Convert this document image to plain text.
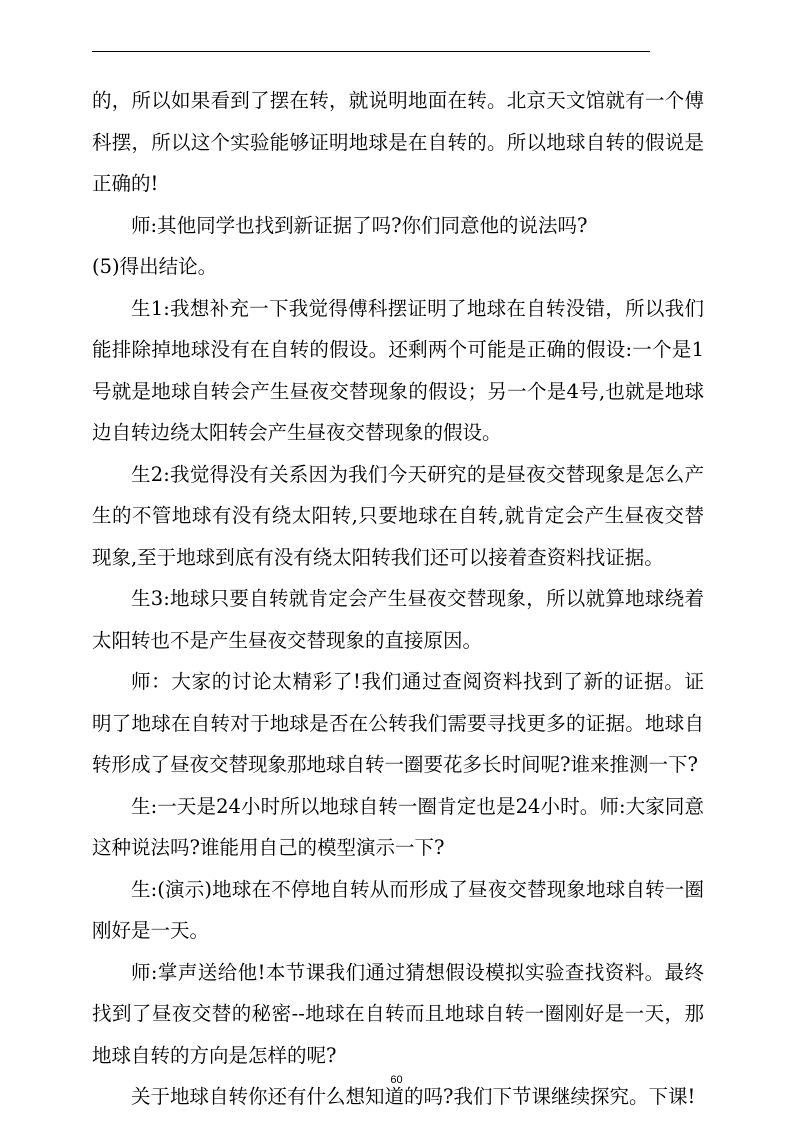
的，所以如果看到了摆在转，就说明地面在转。北京天文馆就有一个傅科摆，所以这个实验能够证明地球是在自转的。所以地球自转的假说是正确的!

师:其他同学也找到新证据了吗?你们同意他的说法吗?

(5)得出结论。

生1:我想补充一下我觉得傅科摆证明了地球在自转没错，所以我们能排除掉地球没有在自转的假设。还剩两个可能是正确的假设:一个是1号就是地球自转会产生昼夜交替现象的假设；另一个是4号,也就是地球边自转边绕太阳转会产生昼夜交替现象的假设。

生2:我觉得没有关系因为我们今天研究的是昼夜交替现象是怎么产生的不管地球有没有绕太阳转,只要地球在自转,就肯定会产生昼夜交替现象,至于地球到底有没有绕太阳转我们还可以接着查资料找证据。

生3:地球只要自转就肯定会产生昼夜交替现象，所以就算地球绕着太阳转也不是产生昼夜交替现象的直接原因。

师：大家的讨论太精彩了!我们通过查阅资料找到了新的证据。证明了地球在自转对于地球是否在公转我们需要寻找更多的证据。地球自转形成了昼夜交替现象那地球自转一圈要花多长时间呢?谁来推测一下?

生:一天是24小时所以地球自转一圈肯定也是24小时。师:大家同意这种说法吗?谁能用自己的模型演示一下?

生:(演示)地球在不停地自转从而形成了昼夜交替现象地球自转一圈刚好是一天。

师:掌声送给他!本节课我们通过猜想假设模拟实验查找资料。最终找到了昼夜交替的秘密--地球在自转而且地球自转一圈刚好是一天，那地球自转的方向是怎样的呢?

关于地球自转你还有什么想知道的吗?我们下节课继续探究。下课!

60
